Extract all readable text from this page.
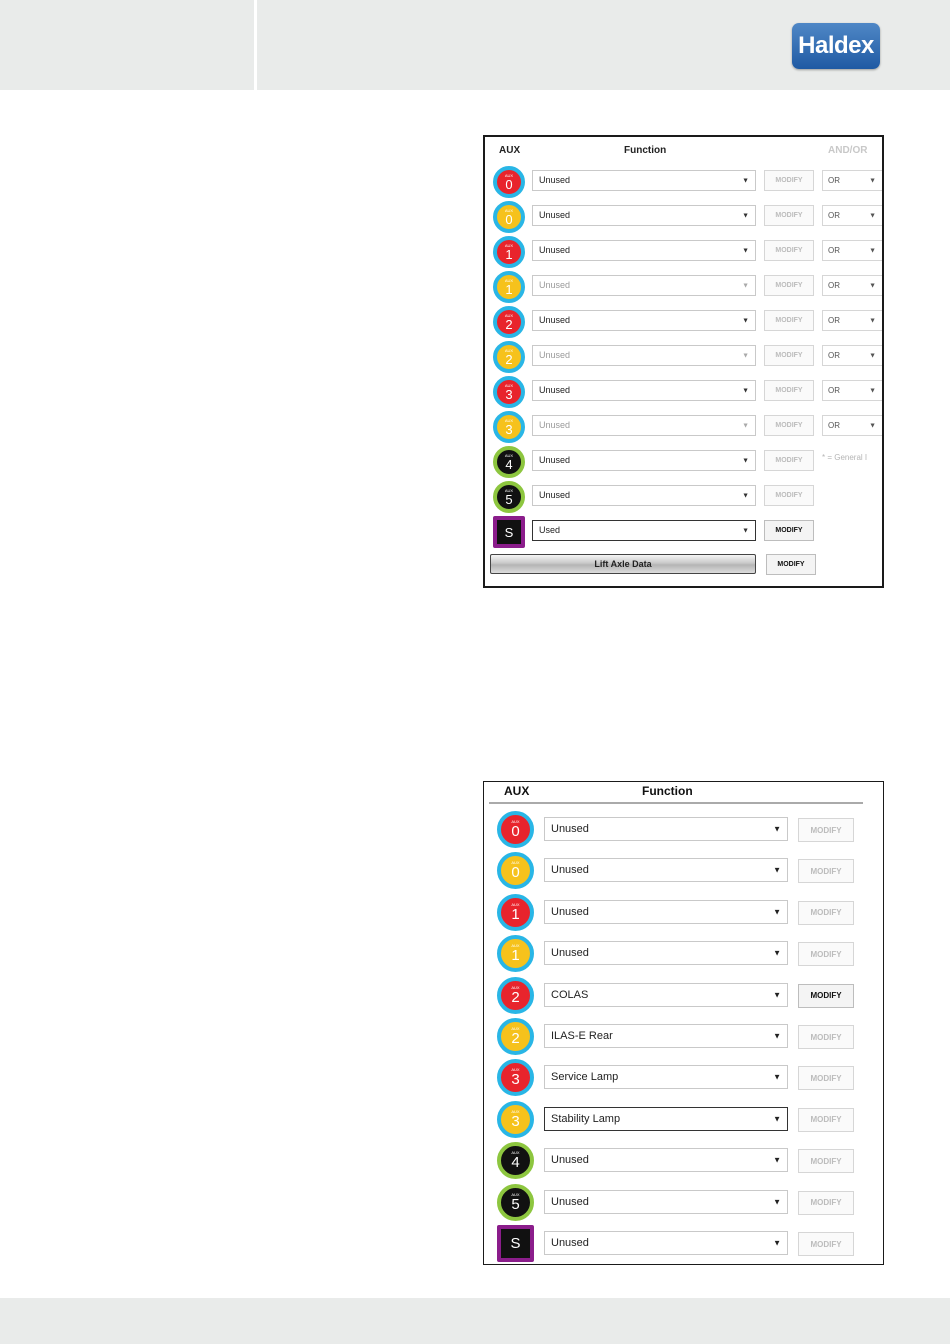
Haldex
AUX	Function	AND/OR
AUX
0	Unused	▼	MODIFY	OR	▼
AUX
0	Unused	▼	MODIFY	OR	▼
AUX
1	Unused	▼	MODIFY	OR	▼
AUX
1	Unused	▼	MODIFY	OR	▼
AUX
2	Unused	▼	MODIFY	OR	▼
AUX
2	Unused	▼	MODIFY	OR	▼
AUX
3	Unused	▼	MODIFY	OR	▼
AUX
3	Unused	▼	MODIFY	OR	▼
AUX
4	Unused	▼	MODIFY	* = General I
AUX
5	Unused	▼	MODIFY
S	Used	▼	MODIFY
Lift Axle Data	MODIFY
AUX	Function
AUX
0	Unused	▼	MODIFY
AUX
0	Unused	▼	MODIFY
AUX
1	Unused	▼	MODIFY
AUX
1	Unused	▼	MODIFY
AUX
2	COLAS	▼	MODIFY
AUX
2	ILAS-E Rear	▼	MODIFY
AUX
3	Service Lamp	▼	MODIFY
AUX
3	Stability Lamp	▼	MODIFY
AUX
4	Unused	▼	MODIFY
AUX
5	Unused	▼	MODIFY
S	Unused	▼	MODIFY
